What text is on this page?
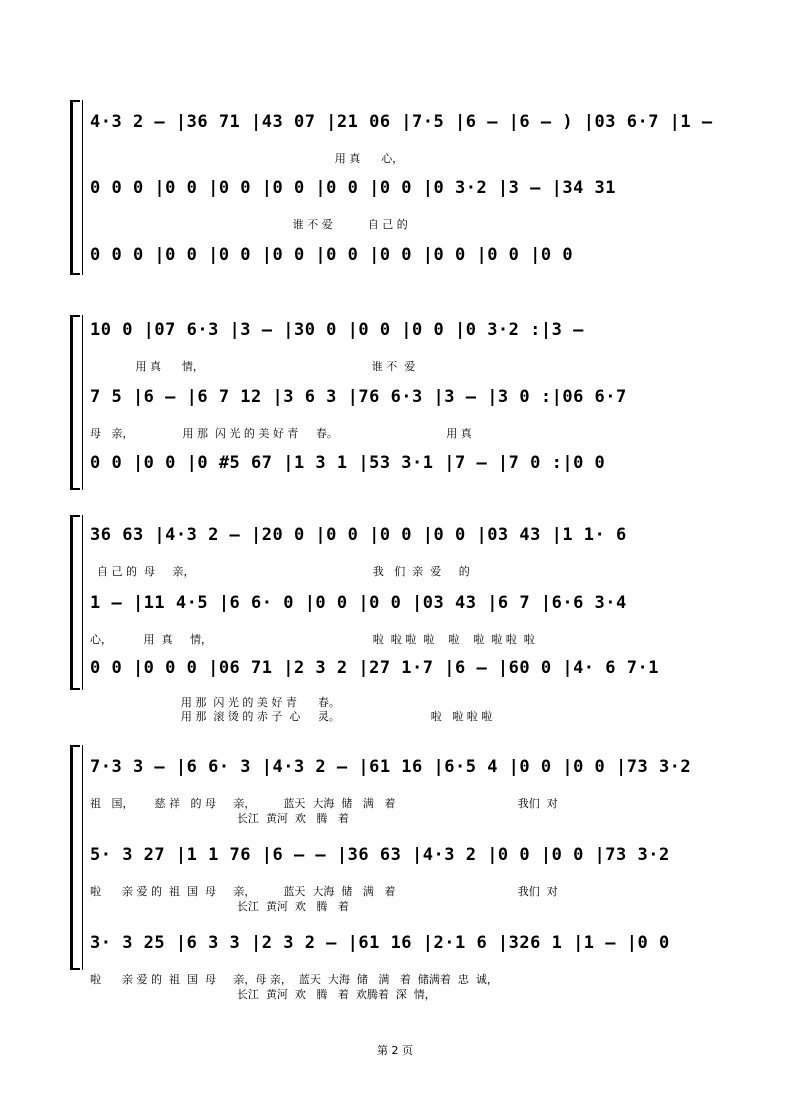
4·3 2 – |36 71 |43 07 |21 06 |7·5 |6 – |6 – ) |03 6·7 |1 –
用 真      心，
0 0 0 |0 0 |0 0 |0 0 |0 0 |0 0 |0 3·2 |3 – |34 31
谁 不 爱          自 己 的
0 0 0 |0 0 |0 0 |0 0 |0 0 |0 0 |0 0 |0 0 |0 0
10 0 |07 6·3 |3 – |30 0 |0 0 |0 0 |0 3·2 :|3 –
用 真      情，                                                谁 不  爱
7 5 |6 – |6 7 12 |3 6 3 |76 6·3 |3 – |3 0 :|06 6·7
母   亲，              用 那  闪 光 的 美 好 青     春。                               用 真
0 0 |0 0 |0 #5 67 |1 3 1 |53 3·1 |7 – |7 0 :|0 0
36 63 |4·3 2 – |20 0 |0 0 |0 0 |0 0 |03 43 |1 1· 6
自 己 的  母     亲，                                                   我   们  亲  爱     的
1 – |11 4·5 |6 6· 0 |0 0 |0 0 |03 43 |6 7 |6·6 3·4
心，         用  真     情，                                              啦  啦 啦  啦    啦    啦  啦 啦  啦
0 0 |0 0 0 |06 71 |2 3 2 |27 1·7 |6 – |60 0 |4· 6 7·1
用 那  闪 光 的 美 好 青      春。
用 那  滚 烫 的 赤 子  心     灵。                          啦   啦 啦 啦
7·3 3 – |6 6· 3 |4·3 2 – |61 16 |6·5 4 |0 0 |0 0 |73 3·2
祖   国，      慈 祥   的 母     亲，        蓝天  大海  储   满   着                                   我们  对
长江  黄河  欢   腾   着
5· 3 27 |1 1 76 |6 – – |36 63 |4·3 2 |0 0 |0 0 |73 3·2
啦      亲 爱 的  祖  国  母     亲，        蓝天  大海  储   满   着                                   我们  对
长江  黄河  欢   腾   着
3· 3 25 |6 3 3 |2 3 2 – |61 16 |2·1 6 |326 1 |1 – |0 0
啦      亲 爱 的  祖  国  母     亲，母 亲，  蓝天  大海  储   满   着  储满着  忠  诚，
长江  黄河  欢   腾   着  欢腾着  深  情，
第 2 页
